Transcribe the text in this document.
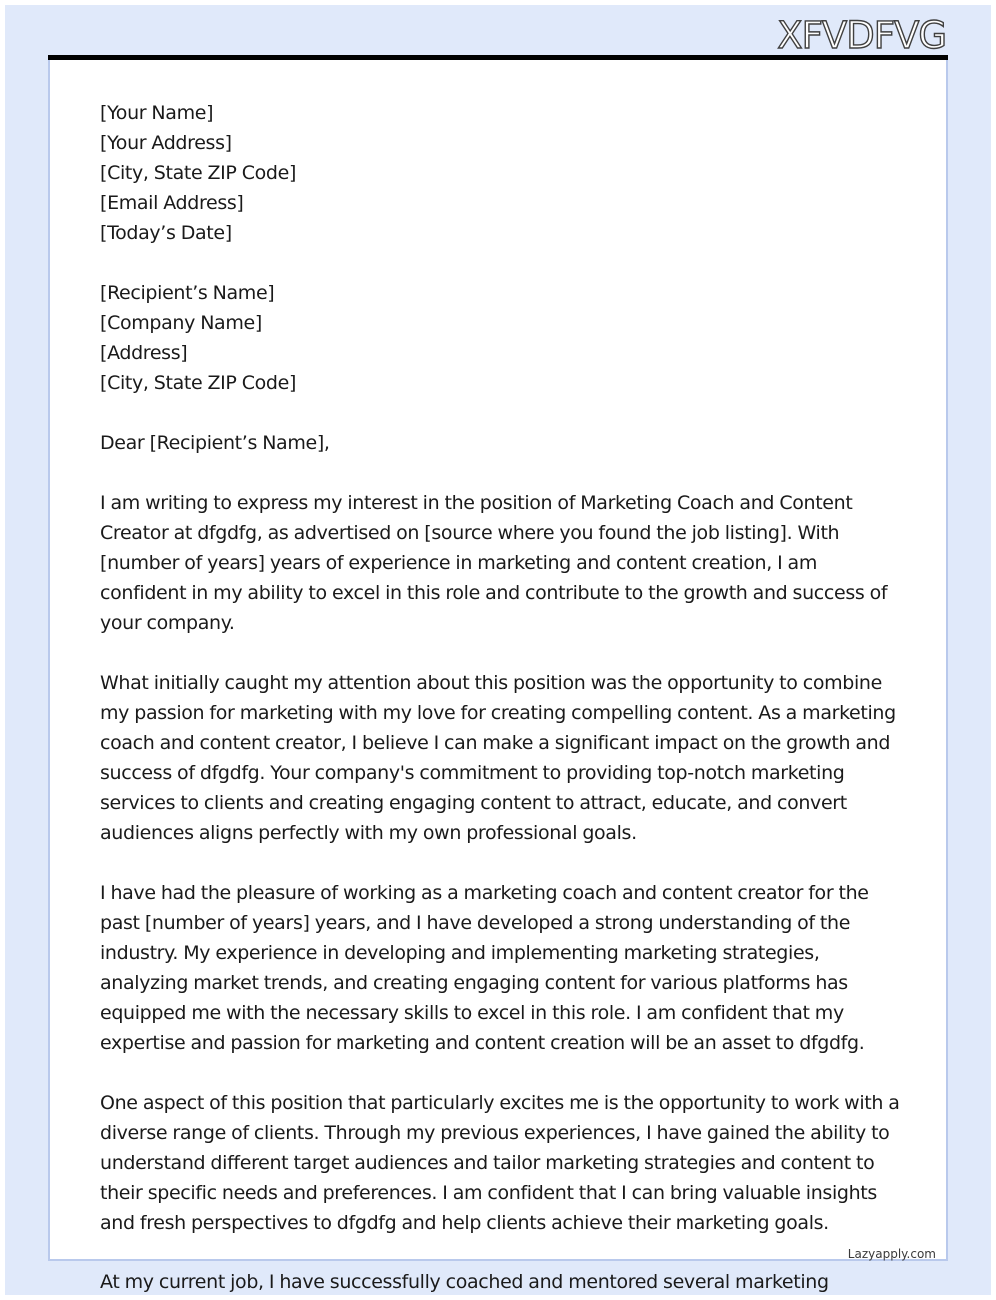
XFVDFVG

[Your Name]

[Your Address]

[City, State ZIP Code]

[Email Address]

[Today’s Date]

[Recipient’s Name]

[Company Name]

[Address]

[City, State ZIP Code]

Dear [Recipient’s Name],

I am writing to express my interest in the position of Marketing Coach and Content Creator at dfgdfg, as advertised on [source where you found the job listing]. With [number of years] years of experience in marketing and content creation, I am confident in my ability to excel in this role and contribute to the growth and success of your company.

What initially caught my attention about this position was the opportunity to combine my passion for marketing with my love for creating compelling content. As a marketing coach and content creator, I believe I can make a significant impact on the growth and success of dfgdfg. Your company's commitment to providing top-notch marketing services to clients and creating engaging content to attract, educate, and convert audiences aligns perfectly with my own professional goals.

I have had the pleasure of working as a marketing coach and content creator for the past [number of years] years, and I have developed a strong understanding of the industry. My experience in developing and implementing marketing strategies, analyzing market trends, and creating engaging content for various platforms has equipped me with the necessary skills to excel in this role. I am confident that my expertise and passion for marketing and content creation will be an asset to dfgdfg.

One aspect of this position that particularly excites me is the opportunity to work with a diverse range of clients. Through my previous experiences, I have gained the ability to understand different target audiences and tailor marketing strategies and content to their specific needs and preferences. I am confident that I can bring valuable insights and fresh perspectives to dfgdfg and help clients achieve their marketing goals.

Lazyapply.com
At my current job, I have successfully coached and mentored several marketing
